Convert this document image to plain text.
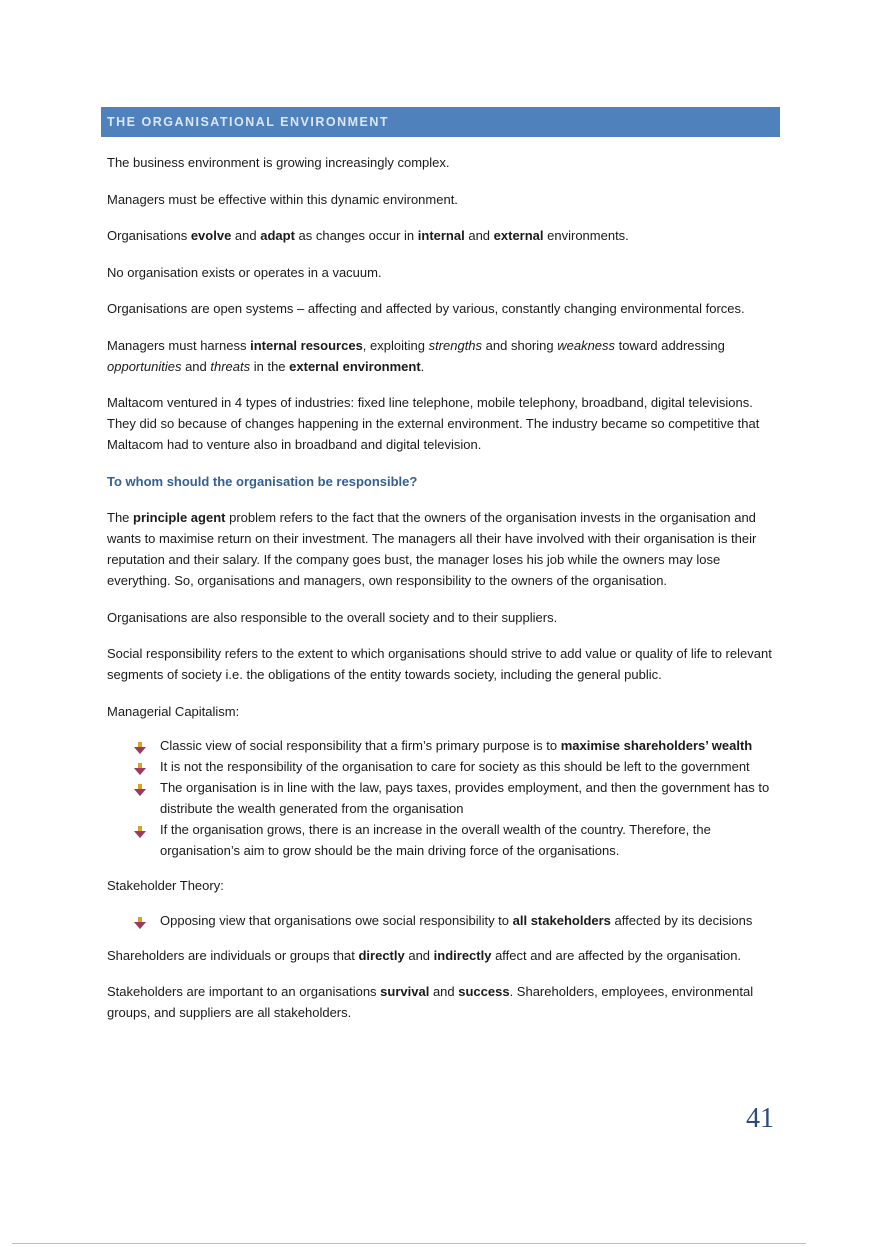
THE ORGANISATIONAL ENVIRONMENT

The business environment is growing increasingly complex.

Managers must be effective within this dynamic environment.

Organisations evolve and adapt as changes occur in internal and external environments.

No organisation exists or operates in a vacuum.

Organisations are open systems – affecting and affected by various, constantly changing environmental forces.

Managers must harness internal resources, exploiting strengths and shoring weakness toward addressing opportunities and threats in the external environment.

Maltacom ventured in 4 types of industries: fixed line telephone, mobile telephony, broadband, digital televisions. They did so because of changes happening in the external environment. The industry became so competitive that Maltacom had to venture also in broadband and digital television.

To whom should the organisation be responsible?

The principle agent problem refers to the fact that the owners of the organisation invests in the organisation and wants to maximise return on their investment. The managers all their have involved with their organisation is their reputation and their salary. If the company goes bust, the manager loses his job while the owners may lose everything. So, organisations and managers, own responsibility to the owners of the organisation.

Organisations are also responsible to the overall society and to their suppliers.

Social responsibility refers to the extent to which organisations should strive to add value or quality of life to relevant segments of society i.e. the obligations of the entity towards society, including the general public.

Managerial Capitalism:

Classic view of social responsibility that a firm’s primary purpose is to maximise shareholders’ wealth
It is not the responsibility of the organisation to care for society as this should be left to the government
The organisation is in line with the law, pays taxes, provides employment, and then the government has to distribute the wealth generated from the organisation
If the organisation grows, there is an increase in the overall wealth of the country. Therefore, the organisation’s aim to grow should be the main driving force of the organisations.

Stakeholder Theory:

Opposing view that organisations owe social responsibility to all stakeholders affected by its decisions

Shareholders are individuals or groups that directly and indirectly affect and are affected by the organisation.

Stakeholders are important to an organisations survival and success. Shareholders, employees, environmental groups, and suppliers are all stakeholders.

41
